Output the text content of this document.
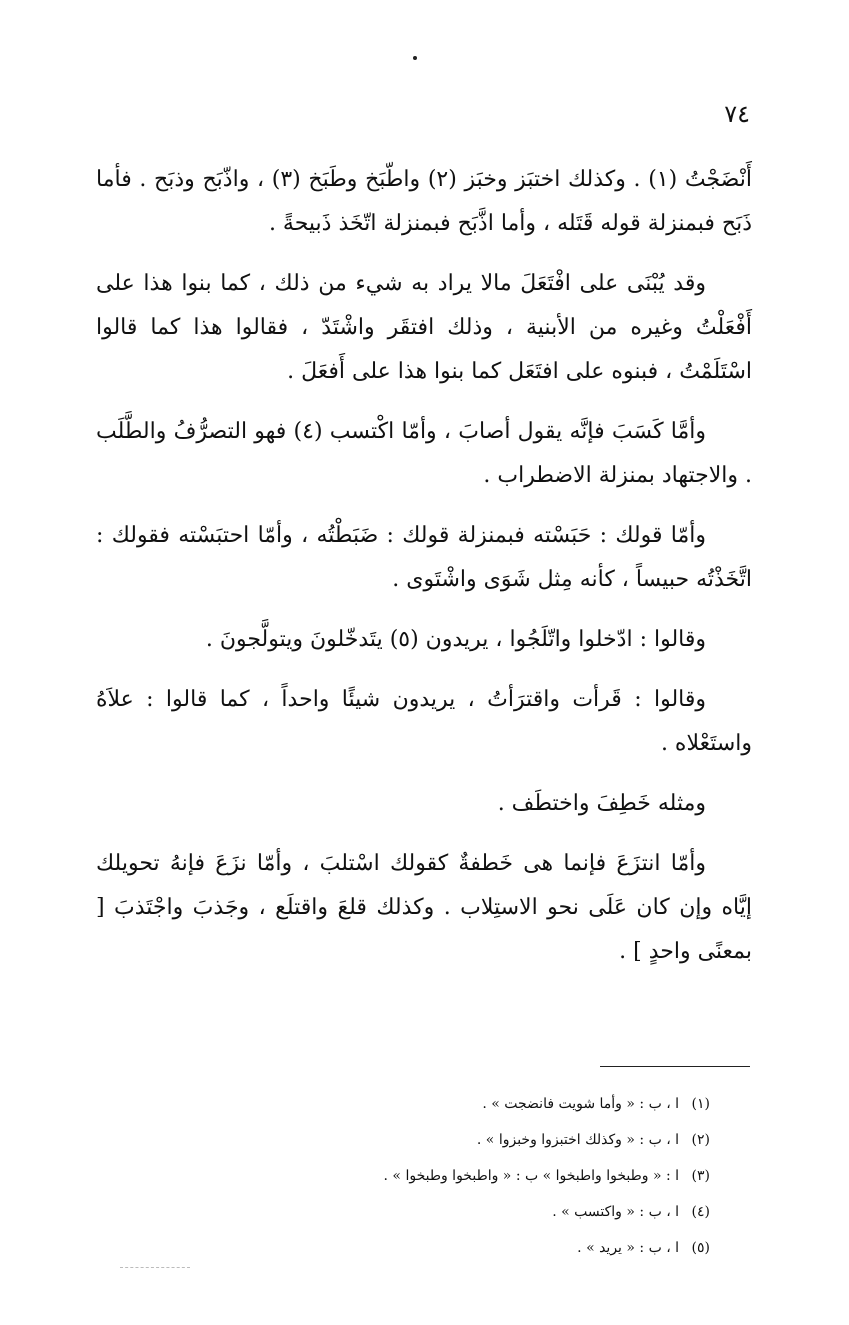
٧٤

أَنْضَجْتُ (١) . وكذلك اختبَز وخبَز (٢) واطّبَخ وطَبَخ (٣) ، واذّبَح وذبَح . فأما ذَبَح فبمنزلة قوله قَتَله ، وأما اذَّبَح فبمنزلة اتّخَذ ذَبيحةً .

وقد يُبْنَى على افْتَعَلَ مالا يراد به شيء من ذلك ، كما بنوا هذا على أَفْعَلْتُ وغيره من الأبنية ، وذلك افتقَر واشْتَدّ ، فقالوا هذا كما قالوا اسْتَلَمْتُ ، فبنوه على افتَعَل كما بنوا هذا على أَفعَلَ .

وأمَّا كَسَبَ فإنَّه يقول أصابَ ، وأمّا اكْتسب (٤) فهو التصرُّفُ والطَّلَب . والاجتهاد بمنزلة الاضطراب .

وأمّا قولك : حَبَسْته فبمنزلة قولك : ضَبَطْتُه ، وأمّا احتبَسْته فقولك : اتَّخَذْتُه حبيساً ، كأنه مِثل شَوَى واشْتَوى .

وقالوا : ادّخلوا واتّلَجُوا ، يريدون (٥) يتَدخّلونَ ويتولَّجونَ .

وقالوا : قَرأت واقترَأتُ ، يريدون شيئًا واحداً ، كما قالوا : علاَهُ واستَعْلاه .

ومثله خَطِفَ واختطَف .

وأمّا انتزَعَ فإنما هى خَطفةٌ كقولك اسْتلبَ ، وأمّا نزَعَ فإنهُ تحويلك إيَّاه وإن كان عَلَى نحو الاستِلاب . وكذلك قلعَ واقتلَع ، وجَذبَ واجْتَذبَ [ بمعنًى واحدٍ ] .

(١) ا ، ب : « وأما شويت فانضجت » .
(٢) ا ، ب : « وكذلك اختبزوا وخبزوا » .
(٣) ا : « وطبخوا واطبخوا » ب : « واطبخوا وطبخوا » .
(٤) ا ، ب : « واكتسب » .
(٥) ا ، ب : « يريد » .
